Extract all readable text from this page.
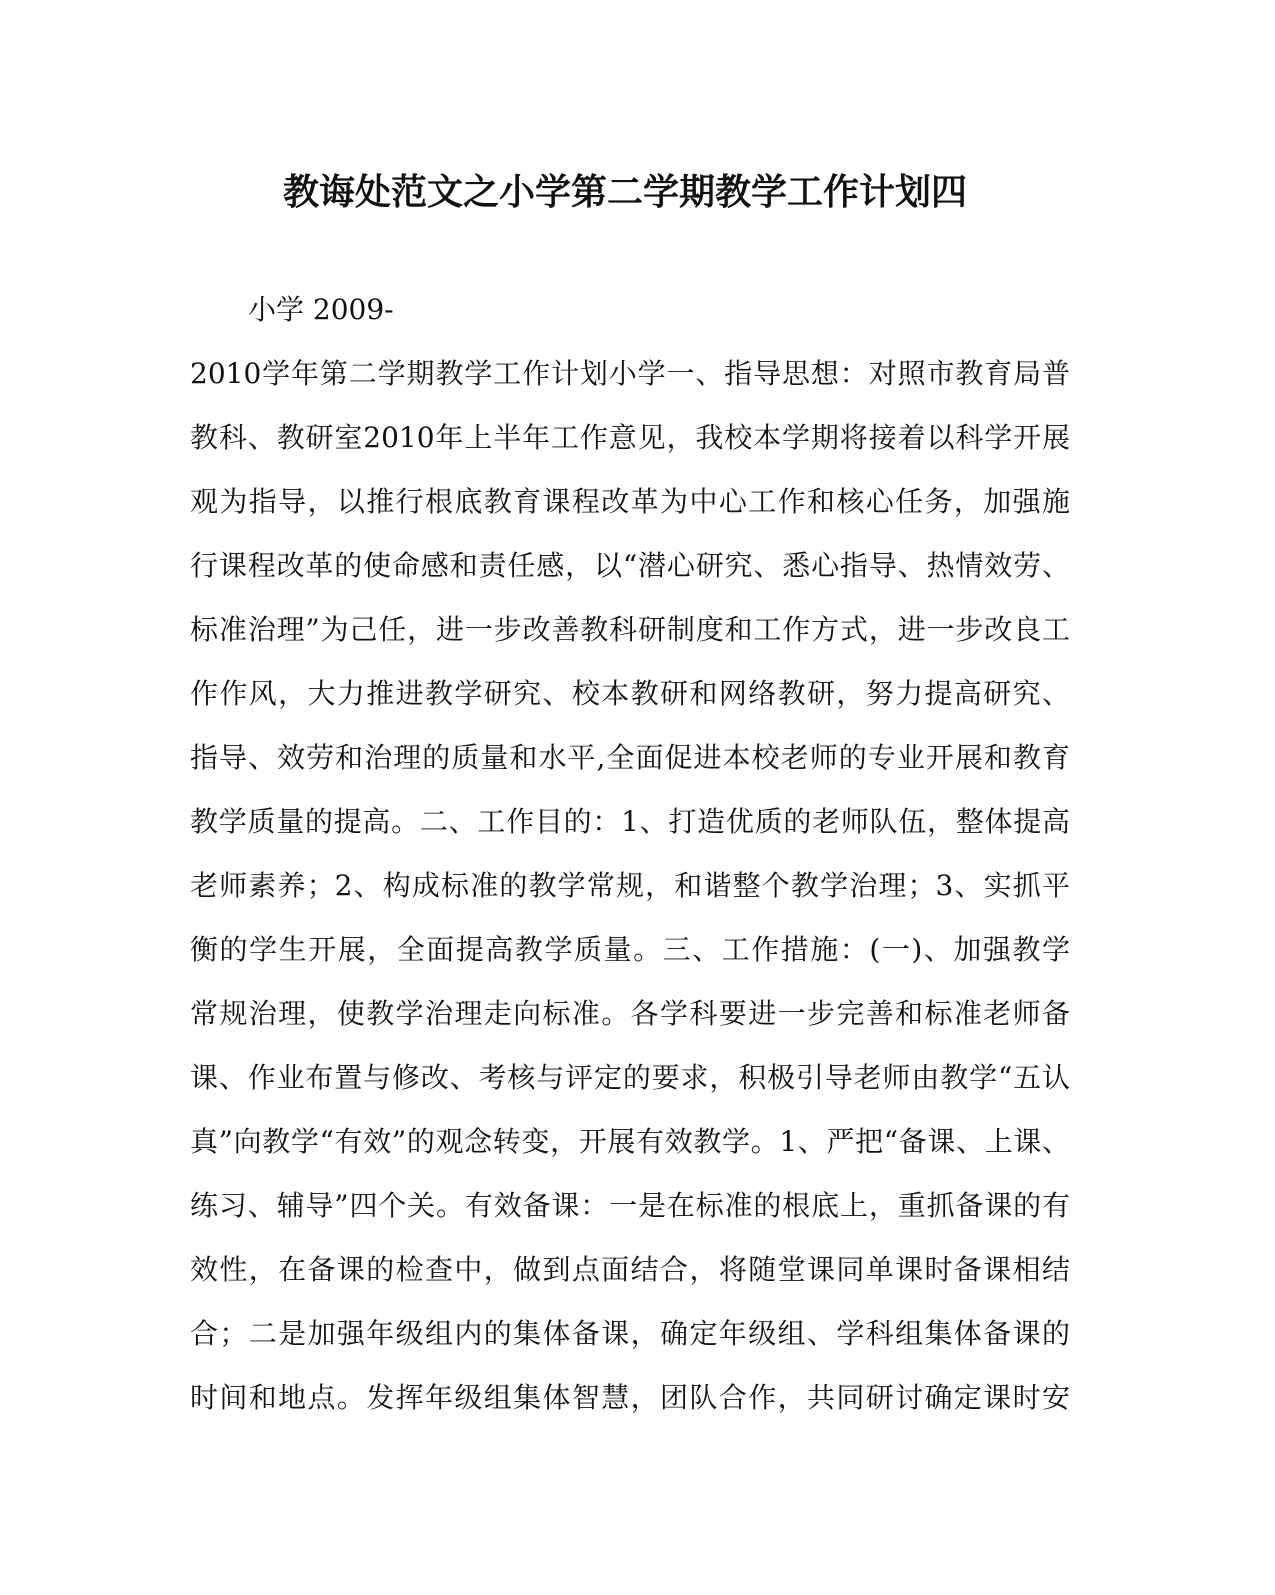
教诲处范文之小学第二学期教学工作计划四
小学 2009-
2010学年第二学期教学工作计划小学一、指导思想：对照市教育局普
教科、教研室2010年上半年工作意见，我校本学期将接着以科学开展
观为指导，以推行根底教育课程改革为中心工作和核心任务，加强施
行课程改革的使命感和责任感，以“潜心研究、悉心指导、热情效劳、
标准治理”为己任，进一步改善教科研制度和工作方式，进一步改良工
作作风，大力推进教学研究、校本教研和网络教研，努力提高研究、
指导、效劳和治理的质量和水平,全面促进本校老师的专业开展和教育
教学质量的提高。二、工作目的：1、打造优质的老师队伍，整体提高
老师素养；2、构成标准的教学常规，和谐整个教学治理；3、实抓平
衡的学生开展，全面提高教学质量。三、工作措施：(一)、加强教学
常规治理，使教学治理走向标准。各学科要进一步完善和标准老师备
课、作业布置与修改、考核与评定的要求，积极引导老师由教学“五认
真”向教学“有效”的观念转变，开展有效教学。1、严把“备课、上课、
练习、辅导”四个关。有效备课：一是在标准的根底上，重抓备课的有
效性，在备课的检查中，做到点面结合，将随堂课同单课时备课相结
合；二是加强年级组内的集体备课，确定年级组、学科组集体备课的
时间和地点。发挥年级组集体智慧，团队合作，共同研讨确定课时安
